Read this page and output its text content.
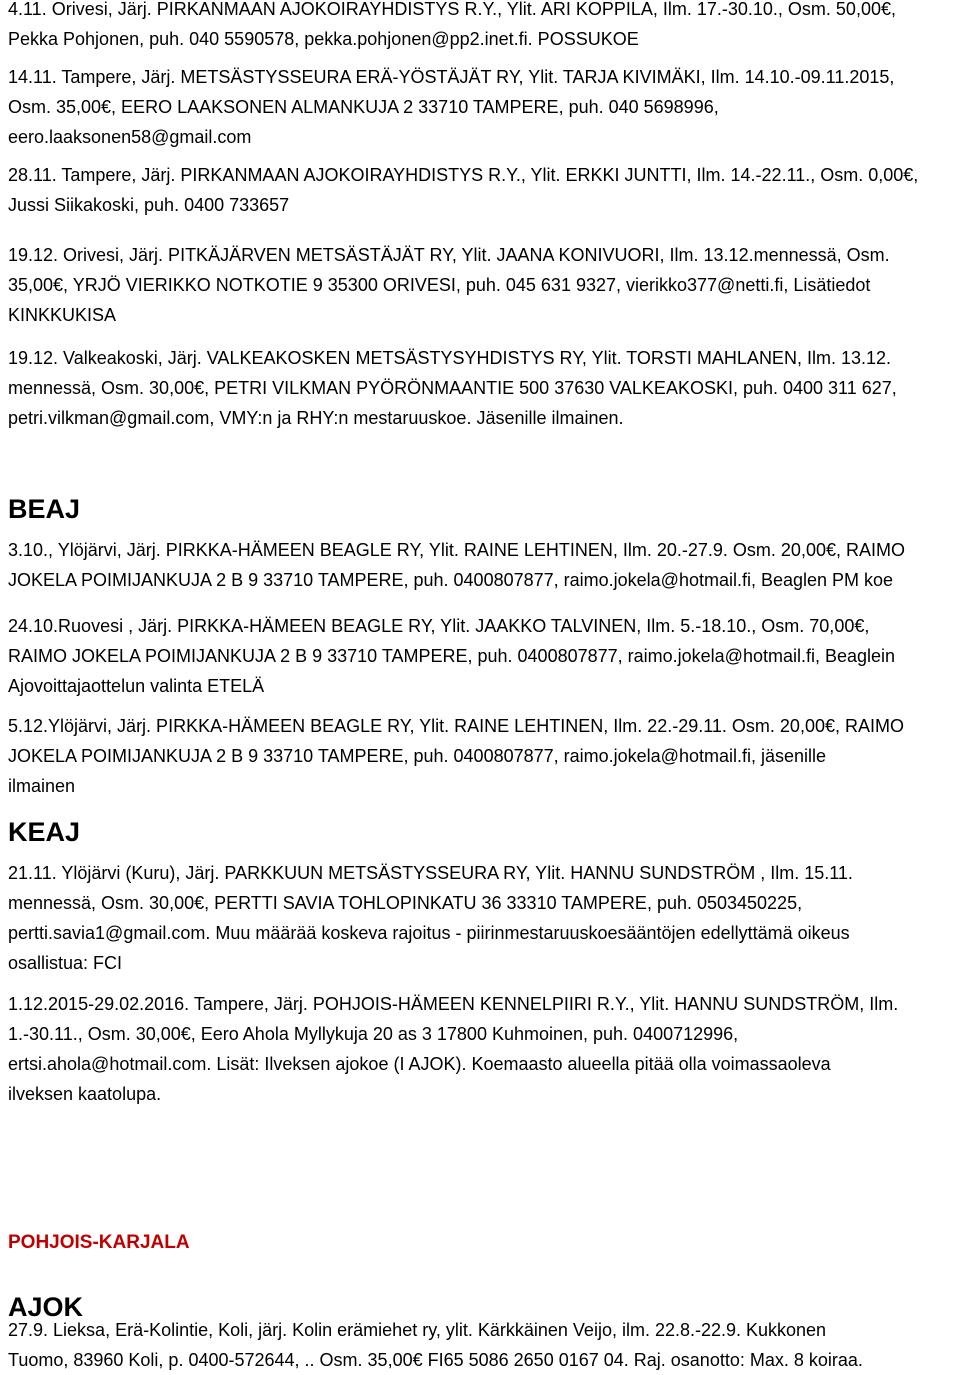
4.11. Orivesi, Järj. PIRKANMAAN AJOKOIRAYHDISTYS R.Y., Ylit. ARI KOPPILA, Ilm. 17.-30.10., Osm. 50,00€,
Pekka Pohjonen, puh. 040 5590578, pekka.pohjonen@pp2.inet.fi. POSSUKOE

14.11. Tampere, Järj. METSÄSTYSSEURA ERÄ-YÖSTÄJÄT RY, Ylit. TARJA KIVIMÄKI, Ilm. 14.10.-09.11.2015,
Osm. 35,00€, EERO LAAKSONEN ALMANKUJA 2 33710 TAMPERE, puh. 040 5698996,
eero.laaksonen58@gmail.com

28.11. Tampere, Järj. PIRKANMAAN AJOKOIRAYHDISTYS R.Y., Ylit. ERKKI JUNTTI, Ilm. 14.-22.11., Osm. 0,00€,
Jussi Siikakoski, puh. 0400 733657

19.12. Orivesi, Järj. PITKÄJÄRVEN METSÄSTÄJÄT RY, Ylit. JAANA KONIVUORI, Ilm. 13.12.mennessä, Osm.
35,00€, YRJÖ VIERIKKO NOTKOTIE 9 35300 ORIVESI, puh. 045 631 9327, vierikko377@netti.fi, Lisätiedot
KINKKUKISA

19.12. Valkeakoski, Järj. VALKEAKOSKEN METSÄSTYSYHDISTYS RY, Ylit. TORSTI MAHLANEN, Ilm. 13.12.
mennessä, Osm. 30,00€, PETRI VILKMAN PYÖRÖNMAANTIE 500 37630 VALKEAKOSKI, puh. 0400 311 627,
petri.vilkman@gmail.com, VMY:n ja RHY:n mestaruuskoe. Jäsenille ilmainen.

BEAJ

3.10., Ylöjärvi, Järj. PIRKKA-HÄMEEN BEAGLE RY, Ylit. RAINE LEHTINEN, Ilm. 20.-27.9. Osm. 20,00€, RAIMO
JOKELA POIMIJANKUJA 2 B 9 33710 TAMPERE, puh. 0400807877, raimo.jokela@hotmail.fi, Beaglen PM koe

24.10.Ruovesi , Järj. PIRKKA-HÄMEEN BEAGLE RY, Ylit. JAAKKO TALVINEN, Ilm. 5.-18.10., Osm. 70,00€,
RAIMO JOKELA POIMIJANKUJA 2 B 9 33710 TAMPERE, puh. 0400807877, raimo.jokela@hotmail.fi, Beaglein
Ajovoittajaottelun valinta ETELÄ

5.12.Ylöjärvi, Järj. PIRKKA-HÄMEEN BEAGLE RY, Ylit. RAINE LEHTINEN, Ilm. 22.-29.11. Osm. 20,00€, RAIMO
JOKELA POIMIJANKUJA 2 B 9 33710 TAMPERE, puh. 0400807877, raimo.jokela@hotmail.fi, jäsenille
ilmainen

KEAJ

21.11. Ylöjärvi (Kuru), Järj. PARKKUUN METSÄSTYSSEURA RY, Ylit. HANNU SUNDSTRÖM , Ilm. 15.11.
mennessä, Osm. 30,00€, PERTTI SAVIA TOHLOPINKATU 36 33310 TAMPERE, puh. 0503450225,
pertti.savia1@gmail.com. Muu määrää koskeva rajoitus - piirinmestaruuskoesääntöjen edellyttämä oikeus
osallistua: FCI

1.12.2015-29.02.2016. Tampere, Järj. POHJOIS-HÄMEEN KENNELPIIRI R.Y., Ylit. HANNU SUNDSTRÖM, Ilm.
1.-30.11., Osm. 30,00€, Eero Ahola Myllykuja 20 as 3 17800 Kuhmoinen, puh. 0400712996,
ertsi.ahola@hotmail.com. Lisät: Ilveksen ajokoe (I AJOK). Koemaasto alueella pitää olla voimassaoleva
ilveksen kaatolupa.

POHJOIS-KARJALA
AJOK

27.9. Lieksa, Erä-Kolintie, Koli, järj. Kolin erämiehet ry, ylit. Kärkkäinen Veijo, ilm. 22.8.-22.9. Kukkonen
Tuomo, 83960 Koli, p. 0400-572644, .. Osm. 35,00€ FI65 5086 2650 0167 04. Raj. osanotto: Max. 8 koiraa.
